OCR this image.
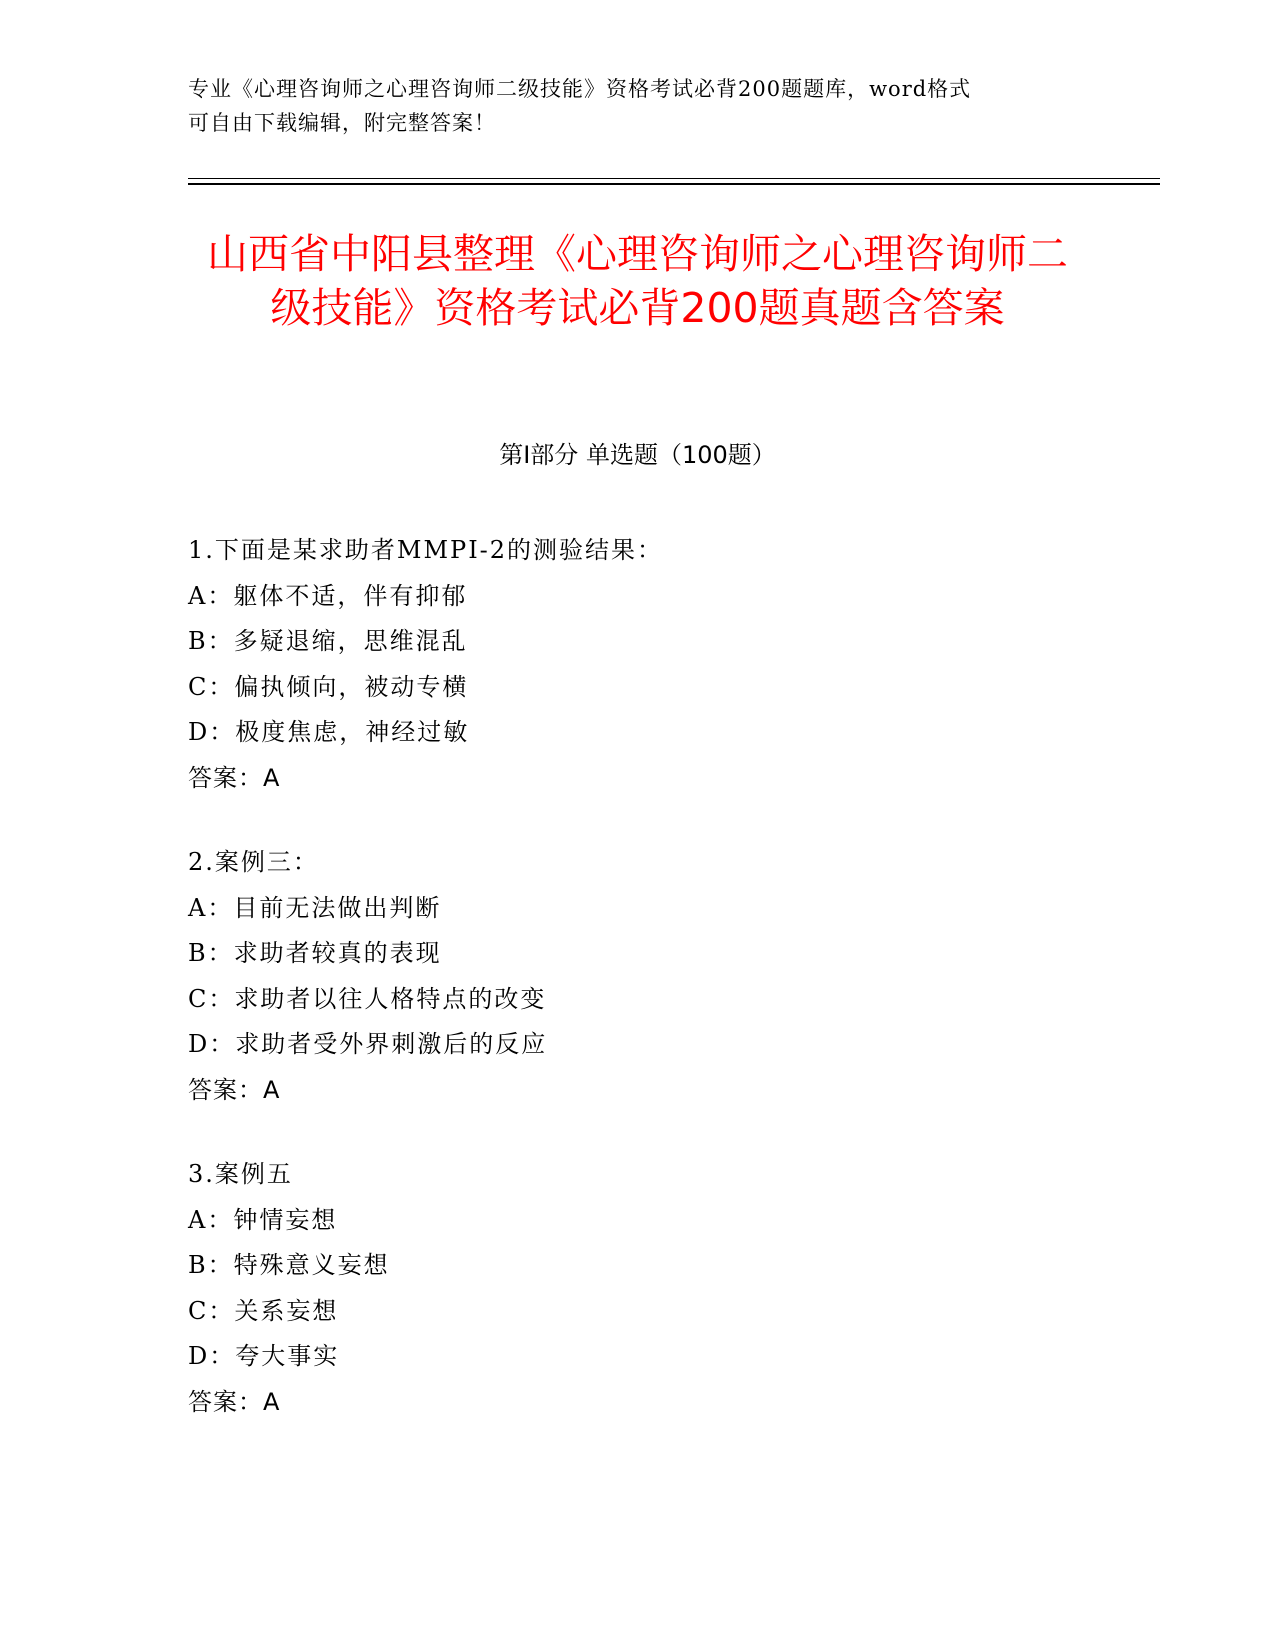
专业《心理咨询师之心理咨询师二级技能》资格考试必背200题题库，word格式
可自由下载编辑，附完整答案！
山西省中阳县整理《心理咨询师之心理咨询师二级技能》资格考试必背200题真题含答案
第Ⅰ部分 单选题（100题）
1.下面是某求助者MMPI-2的测验结果：
A：躯体不适，伴有抑郁
B：多疑退缩，思维混乱
C：偏执倾向，被动专横
D：极度焦虑，神经过敏
答案：A
2.案例三：
A：目前无法做出判断
B：求助者较真的表现
C：求助者以往人格特点的改变
D：求助者受外界刺激后的反应
答案：A
3.案例五
A：钟情妄想
B：特殊意义妄想
C：关系妄想
D：夸大事实
答案：A
